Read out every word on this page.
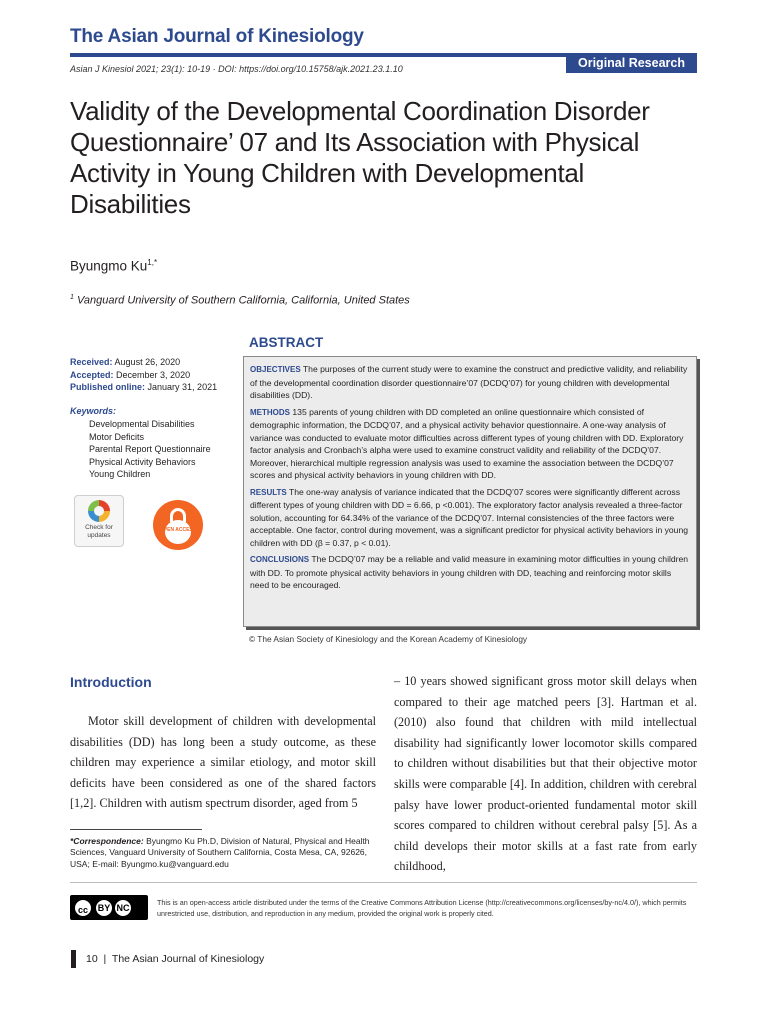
The Asian Journal of Kinesiology
Original Research
Asian J Kinesiol 2021; 23(1): 10-19 · DOI: https://doi.org/10.15758/ajk.2021.23.1.10
Validity of the Developmental Coordination Disorder Questionnaire’ 07 and Its Association with Physical Activity in Young Children with Developmental Disabilities
Byungmo $Ku^{1,*}$
$^1$ Vanguard University of Southern California, California, United States
ABSTRACT
Received: August 26, 2020
Accepted: December 3, 2020
Published online: January 31, 2021
Keywords:
Developmental Disabilities
Motor Deficits
Parental Report Questionnaire
Physical Activity Behaviors
Young Children
Check for updates
OPEN ACCESS

OBJECTIVES The purposes of the current study were to examine the construct and predictive validity, and reliability of the developmental coordination disorder questionnaire’07 (DCDQ’07) for young children with developmental disabilities (DD).

METHODS 135 parents of young children with DD completed an online questionnaire which consisted of demographic information, the DCDQ’07, and a physical activity behavior questionnaire. A one-way analysis of variance was conducted to evaluate motor difficulties across different types of young children with DD. Exploratory factor analysis and Cronbach’s alpha were used to examine construct validity and reliability of the DCDQ’07. Moreover, hierarchical multiple regression analysis was used to examine the association between the DCDQ’07 scores and physical activity behaviors in young children with DD.

RESULTS The one-way analysis of variance indicated that the DCDQ’07 scores were significantly different across different types of young children with DD = 6.66, p <0.001). The exploratory factor analysis revealed a three-factor solution, accounting for 64.34% of the variance of the DCDQ’07. Internal consistencies of the three factors were acceptable. One factor, control during movement, was a significant predictor for physical activity behaviors in young children with DD (β = 0.37, p < 0.01).

CONCLUSIONS The DCDQ’07 may be a reliable and valid measure in examining motor difficulties in young children with DD. To promote physical activity behaviors in young children with DD, teaching and reinforcing motor skills need to be encouraged.

© The Asian Society of Kinesiology and the Korean Academy of Kinesiology
Introduction
Motor skill development of children with developmental disabilities (DD) has long been a study outcome, as these children may experience a similar etiology, and motor skill deficits have been considered as one of the shared factors [1,2]. Children with autism spectrum disorder, aged from 5
– 10 years showed significant gross motor skill delays when compared to their age matched peers [3]. Hartman et al. (2010) also found that children with mild intellectual disability had significantly lower locomotor skills compared to children without disabilities but that their objective motor skills were comparable [4]. In addition, children with cerebral palsy have lower product-oriented fundamental motor skill scores compared to children without cerebral palsy [5]. As a child develops their motor skills at a fast rate from early childhood,
*Correspondence: Byungmo Ku Ph.D, Division of Natural, Physical and Health Sciences, Vanguard University of Southern California, Costa Mesa, CA, 92626, USA; E-mail: Byungmo.ku@vanguard.edu
cc	BY NC	This is an open-access article distributed under the terms of the Creative Commons Attribution License (http://creativecommons.org/licenses/by-nc/4.0/), which permits unrestricted use, distribution, and reproduction in any medium, provided the original work is properly cited.
10  |  The Asian Journal of Kinesiology
